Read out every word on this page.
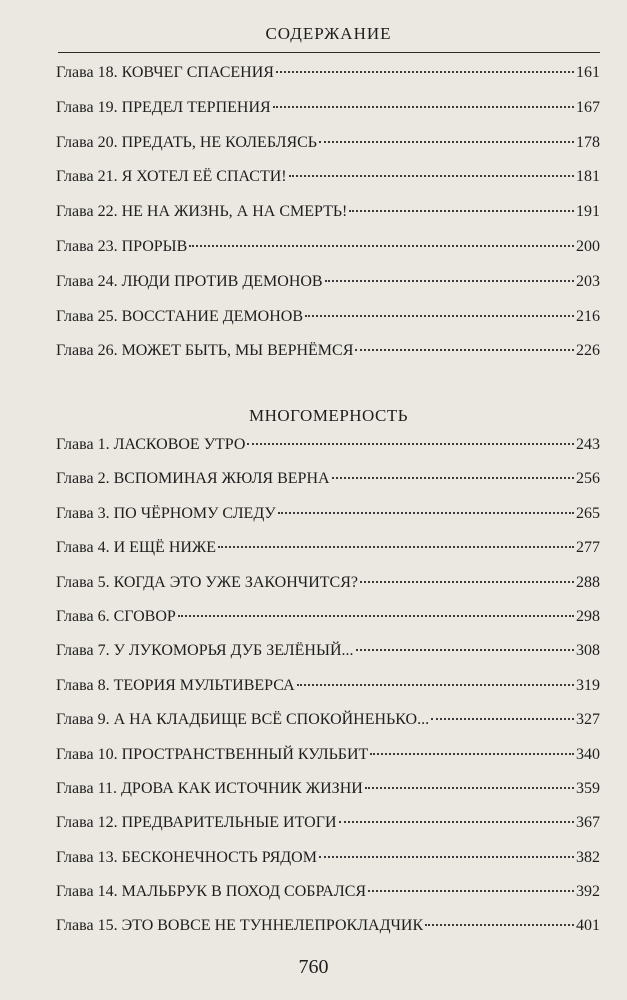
СОДЕРЖАНИЕ
Глава 18. КОВЧЕГ СПАСЕНИЯ	161
Глава 19. ПРЕДЕЛ ТЕРПЕНИЯ	167
Глава 20. ПРЕДАТЬ, НЕ КОЛЕБЛЯСЬ	178
Глава 21. Я ХОТЕЛ ЕЁ СПАСТИ!	181
Глава 22. НЕ НА ЖИЗНЬ, А НА СМЕРТЬ!	191
Глава 23. ПРОРЫВ	200
Глава 24. ЛЮДИ ПРОТИВ ДЕМОНОВ	203
Глава 25. ВОССТАНИЕ ДЕМОНОВ	216
Глава 26. МОЖЕТ БЫТЬ, МЫ ВЕРНЁМСЯ	226
МНОГОМЕРНОСТЬ
Глава 1. ЛАСКОВОЕ УТРО	243
Глава 2. ВСПОМИНАЯ ЖЮЛЯ ВЕРНА	256
Глава 3. ПО ЧЁРНОМУ СЛЕДУ	265
Глава 4. И ЕЩЁ НИЖЕ	277
Глава 5. КОГДА ЭТО УЖЕ ЗАКОНЧИТСЯ?	288
Глава 6. СГОВОР	298
Глава 7. У ЛУКОМОРЬЯ ДУБ ЗЕЛЁНЫЙ...	308
Глава 8. ТЕОРИЯ МУЛЬТИВЕРСА	319
Глава 9. А НА КЛАДБИЩЕ ВСЁ СПОКОЙНЕНЬКО...	327
Глава 10. ПРОСТРАНСТВЕННЫЙ КУЛЬБИТ	340
Глава 11. ДРОВА КАК ИСТОЧНИК ЖИЗНИ	359
Глава 12. ПРЕДВАРИТЕЛЬНЫЕ ИТОГИ	367
Глава 13. БЕСКОНЕЧНОСТЬ РЯДОМ	382
Глава 14. МАЛЬБРУК В ПОХОД СОБРАЛСЯ	392
Глава 15. ЭТО ВОВСЕ НЕ ТУННЕЛЕПРОКЛАДЧИК	401
760
